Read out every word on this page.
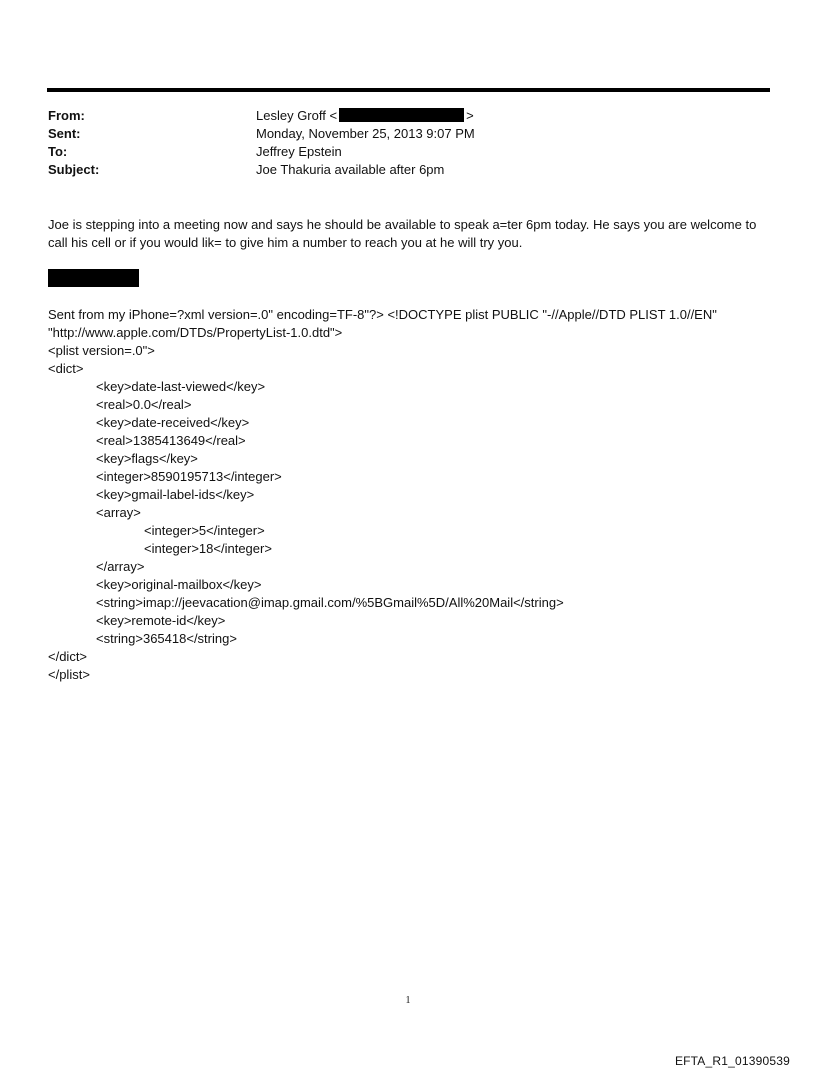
From:	Lesley Groff <	>
Sent:	Monday, November 25, 2013 9:07 PM
To:	Jeffrey Epstein
Subject:	Joe Thakuria available after 6pm
Joe is stepping into a meeting now and says he should be available to speak a=ter 6pm today. He says you are welcome to call his cell or if you would lik= to give him a number to reach you at he will try you.
Sent from my iPhone=?xml version=.0" encoding=TF-8"?> <!DOCTYPE plist PUBLIC "-//Apple//DTD PLIST 1.0//EN"
"http://www.apple.com/DTDs/PropertyList-1.0.dtd">
<plist version=.0">
<dict>
<key>date-last-viewed</key>
<real>0.0</real>
<key>date-received</key>
<real>1385413649</real>
<key>flags</key>
<integer>8590195713</integer>
<key>gmail-label-ids</key>
<array>
<integer>5</integer>
<integer>18</integer>
</array>
<key>original-mailbox</key>
<string>imap://jeevacation@imap.gmail.com/%5BGmail%5D/All%20Mail</string>
<key>remote-id</key>
<string>365418</string>
</dict>
</plist>
1
EFTA_R1_01390539
